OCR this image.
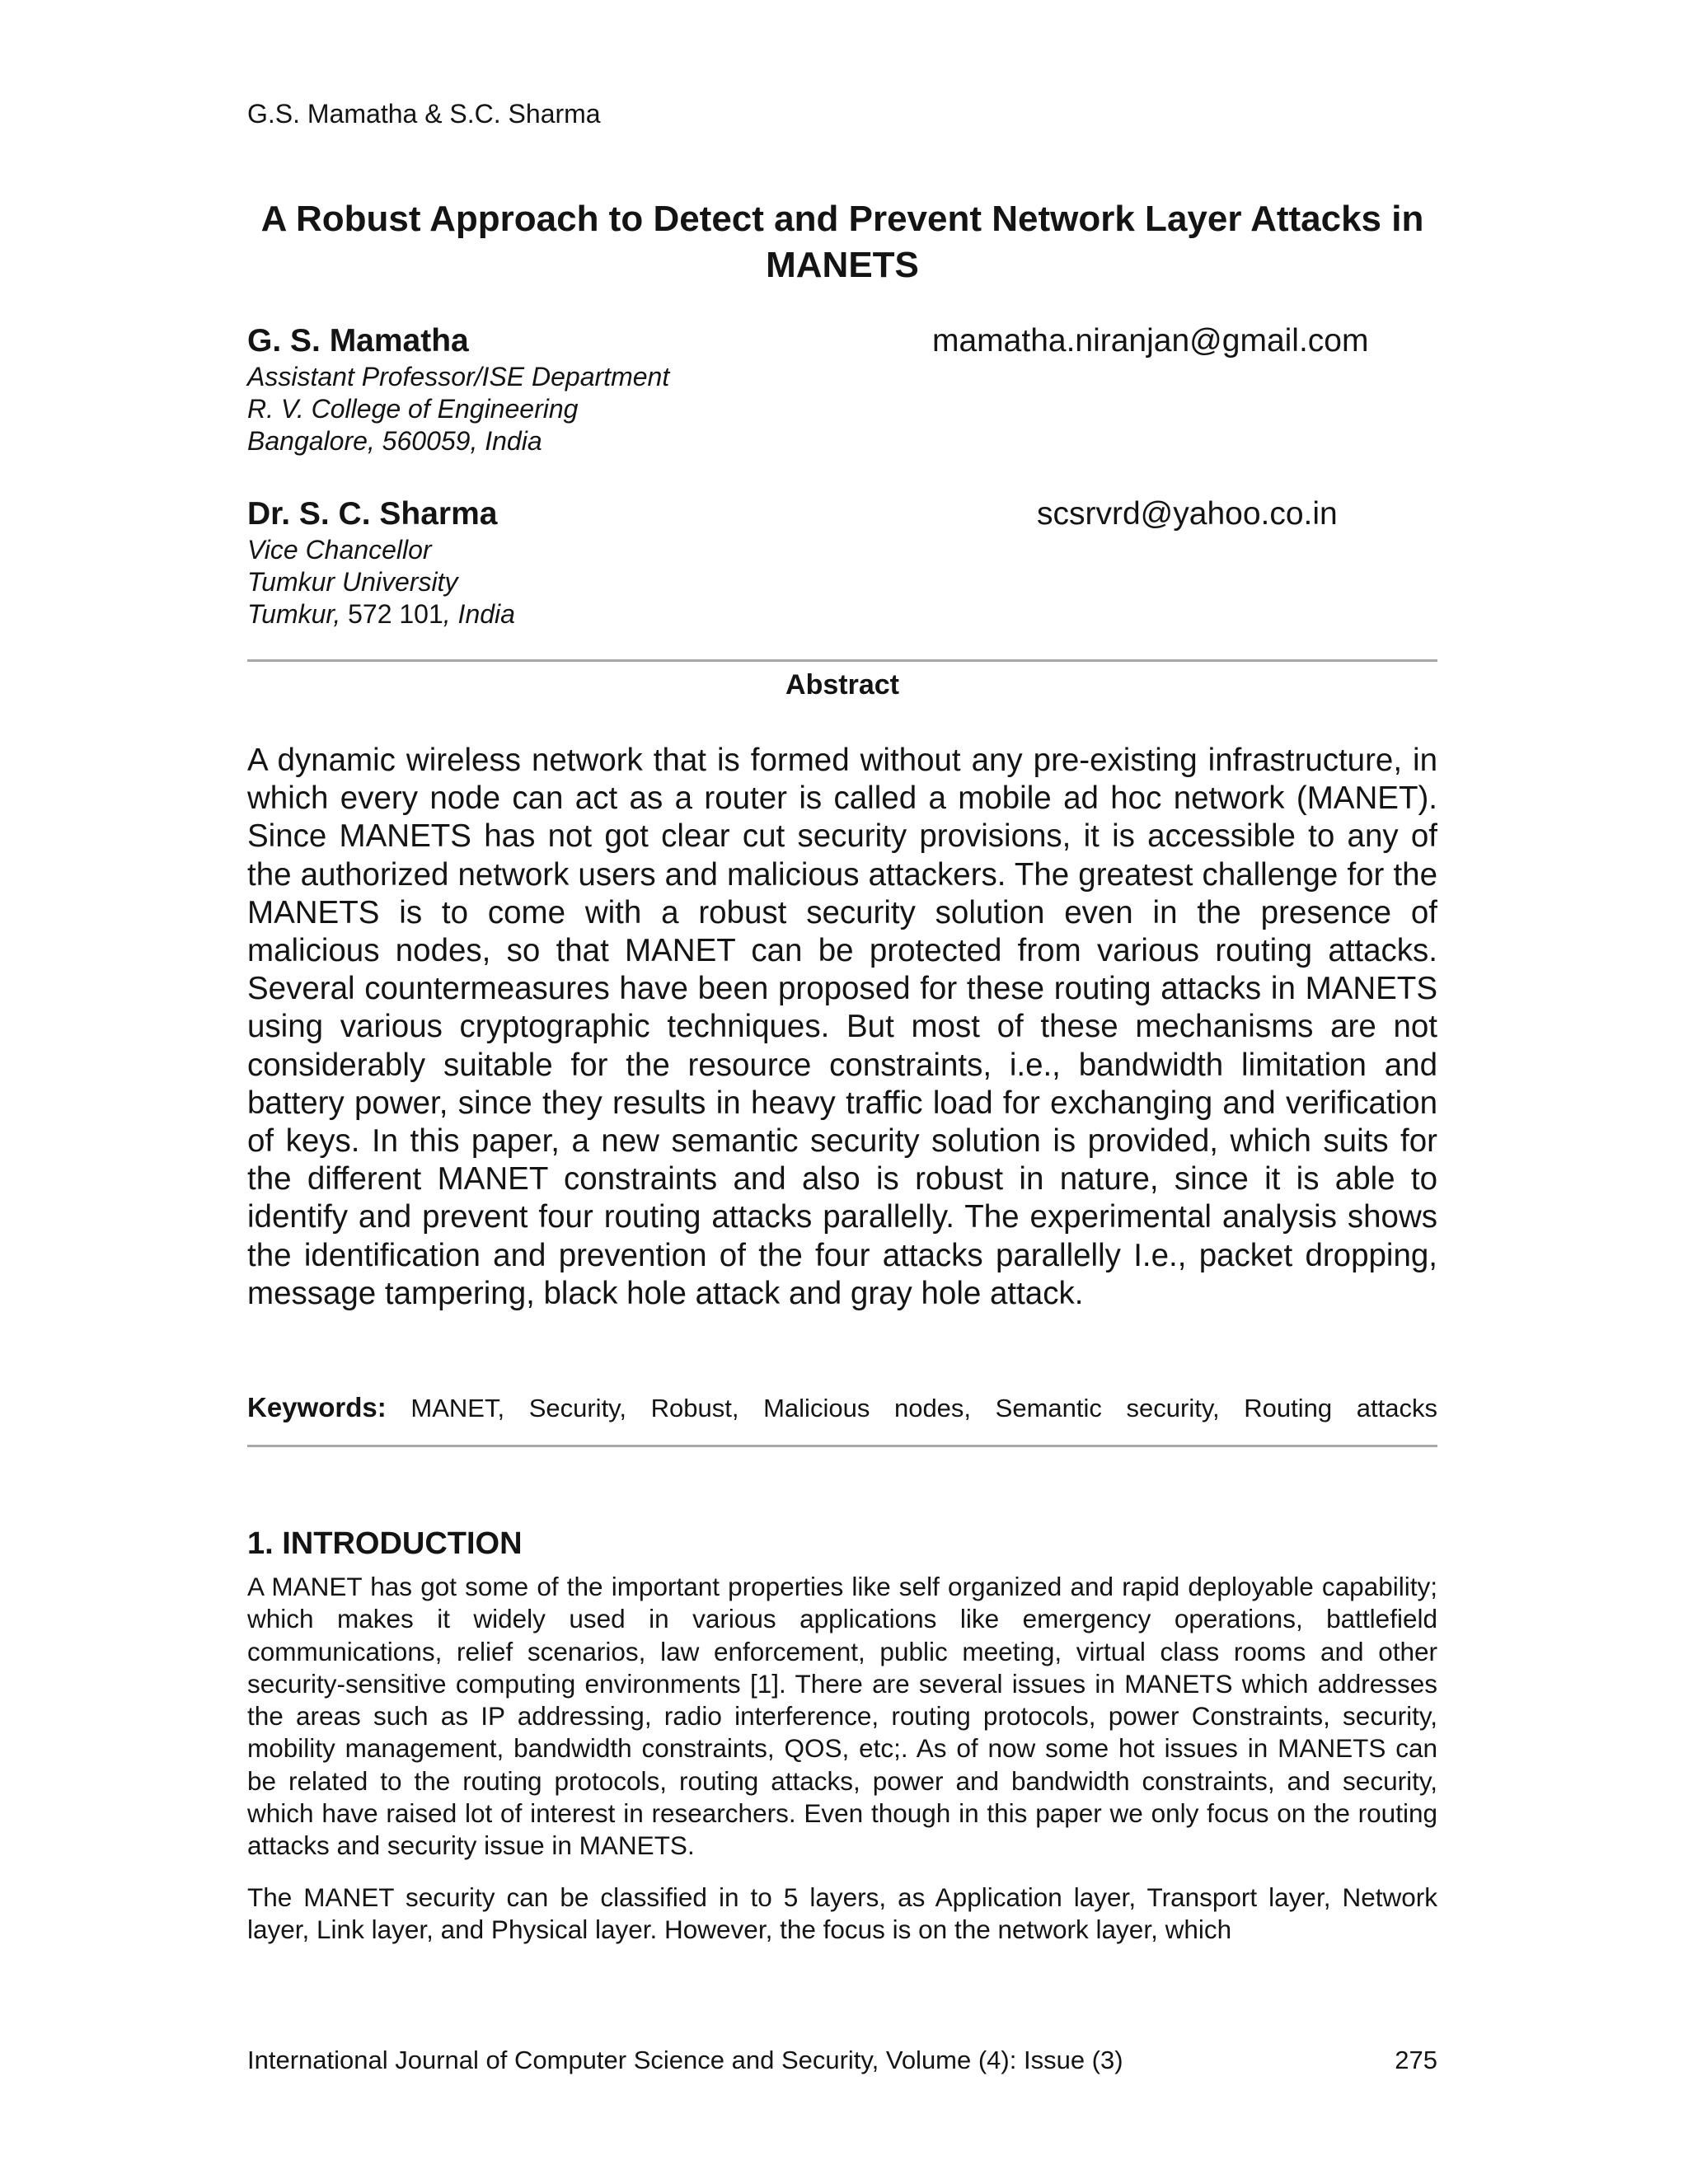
G.S. Mamatha & S.C. Sharma
A Robust Approach to Detect and Prevent Network Layer Attacks in MANETS
G. S. Mamatha
Assistant Professor/ISE Department
R. V. College of Engineering
Bangalore, 560059, India
mamatha.niranjan@gmail.com
Dr. S. C. Sharma
Vice Chancellor
Tumkur University
Tumkur, 572 101, India
scsrvrd@yahoo.co.in
Abstract
A dynamic wireless network that is formed without any pre-existing infrastructure, in which every node can act as a router is called a mobile ad hoc network (MANET). Since MANETS has not got clear cut security provisions, it is accessible to any of the authorized network users and malicious attackers. The greatest challenge for the MANETS is to come with a robust security solution even in the presence of malicious nodes, so that MANET can be protected from various routing attacks. Several countermeasures have been proposed for these routing attacks in MANETS using various cryptographic techniques. But most of these mechanisms are not considerably suitable for the resource constraints, i.e., bandwidth limitation and battery power, since they results in heavy traffic load for exchanging and verification of keys. In this paper, a new semantic security solution is provided, which suits for the different MANET constraints and also is robust in nature, since it is able to identify and prevent four routing attacks parallelly. The experimental analysis shows the identification and prevention of the four attacks parallelly I.e., packet dropping, message tampering, black hole attack and gray hole attack.
Keywords: MANET, Security, Robust, Malicious nodes, Semantic security, Routing attacks
1. INTRODUCTION
A MANET has got some of the important properties like self organized and rapid deployable capability; which makes it widely used in various applications like emergency operations, battlefield communications, relief scenarios, law enforcement, public meeting, virtual class rooms and other security-sensitive computing environments [1]. There are several issues in MANETS which addresses the areas such as IP addressing, radio interference, routing protocols, power Constraints, security, mobility management, bandwidth constraints, QOS, etc;. As of now some hot issues in MANETS can be related to the routing protocols, routing attacks, power and bandwidth constraints, and security, which have raised lot of interest in researchers. Even though in this paper we only focus on the routing attacks and security issue in MANETS.
The MANET security can be classified in to 5 layers, as Application layer, Transport layer, Network layer, Link layer, and Physical layer. However, the focus is on the network layer, which
International Journal of Computer Science and Security, Volume (4): Issue (3)	275
